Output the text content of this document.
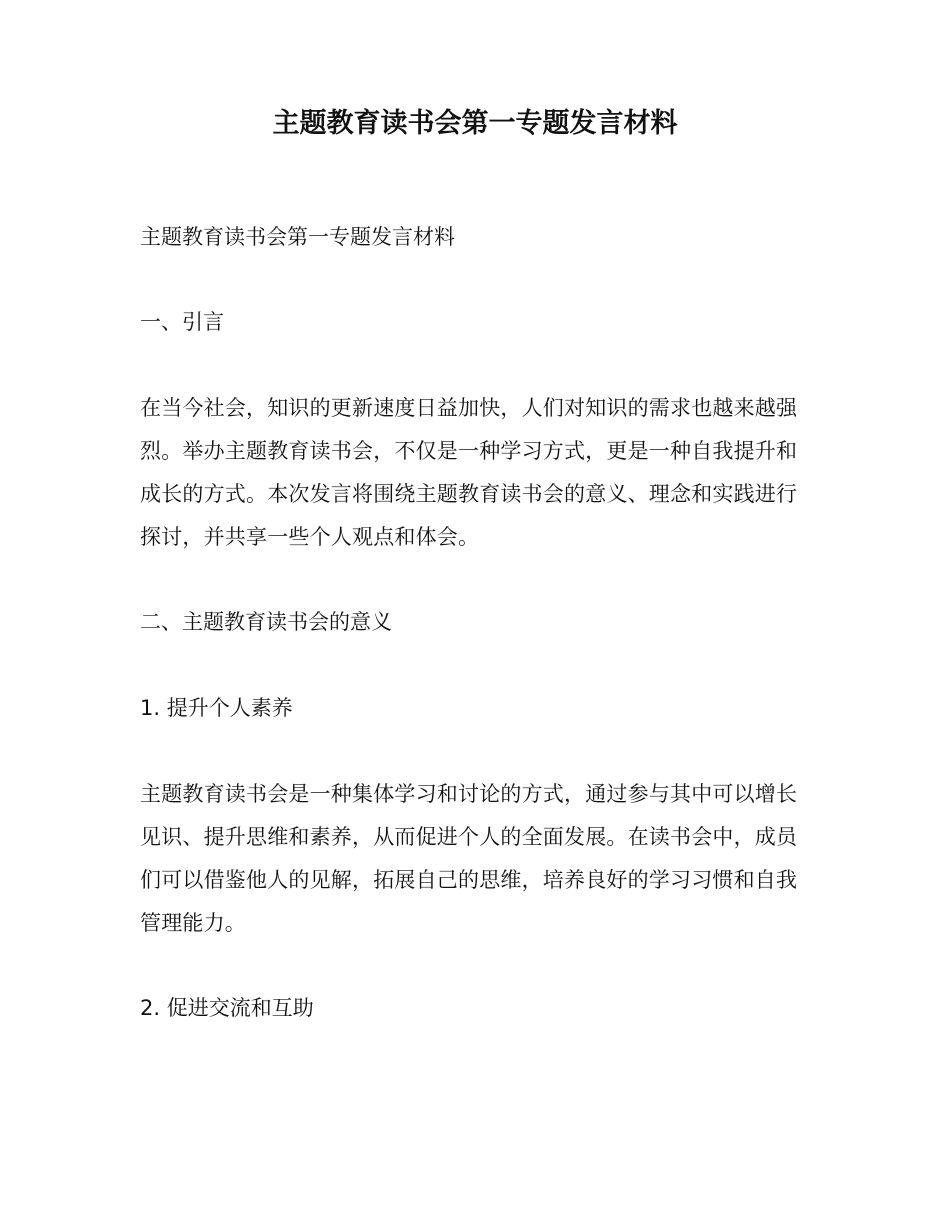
主题教育读书会第一专题发言材料

主题教育读书会第一专题发言材料

一、引言

在当今社会，知识的更新速度日益加快，人们对知识的需求也越来越强烈。举办主题教育读书会，不仅是一种学习方式，更是一种自我提升和成长的方式。本次发言将围绕主题教育读书会的意义、理念和实践进行探讨，并共享一些个人观点和体会。

二、主题教育读书会的意义

1. 提升个人素养

主题教育读书会是一种集体学习和讨论的方式，通过参与其中可以增长见识、提升思维和素养，从而促进个人的全面发展。在读书会中，成员们可以借鉴他人的见解，拓展自己的思维，培养良好的学习习惯和自我管理能力。

2. 促进交流和互助
